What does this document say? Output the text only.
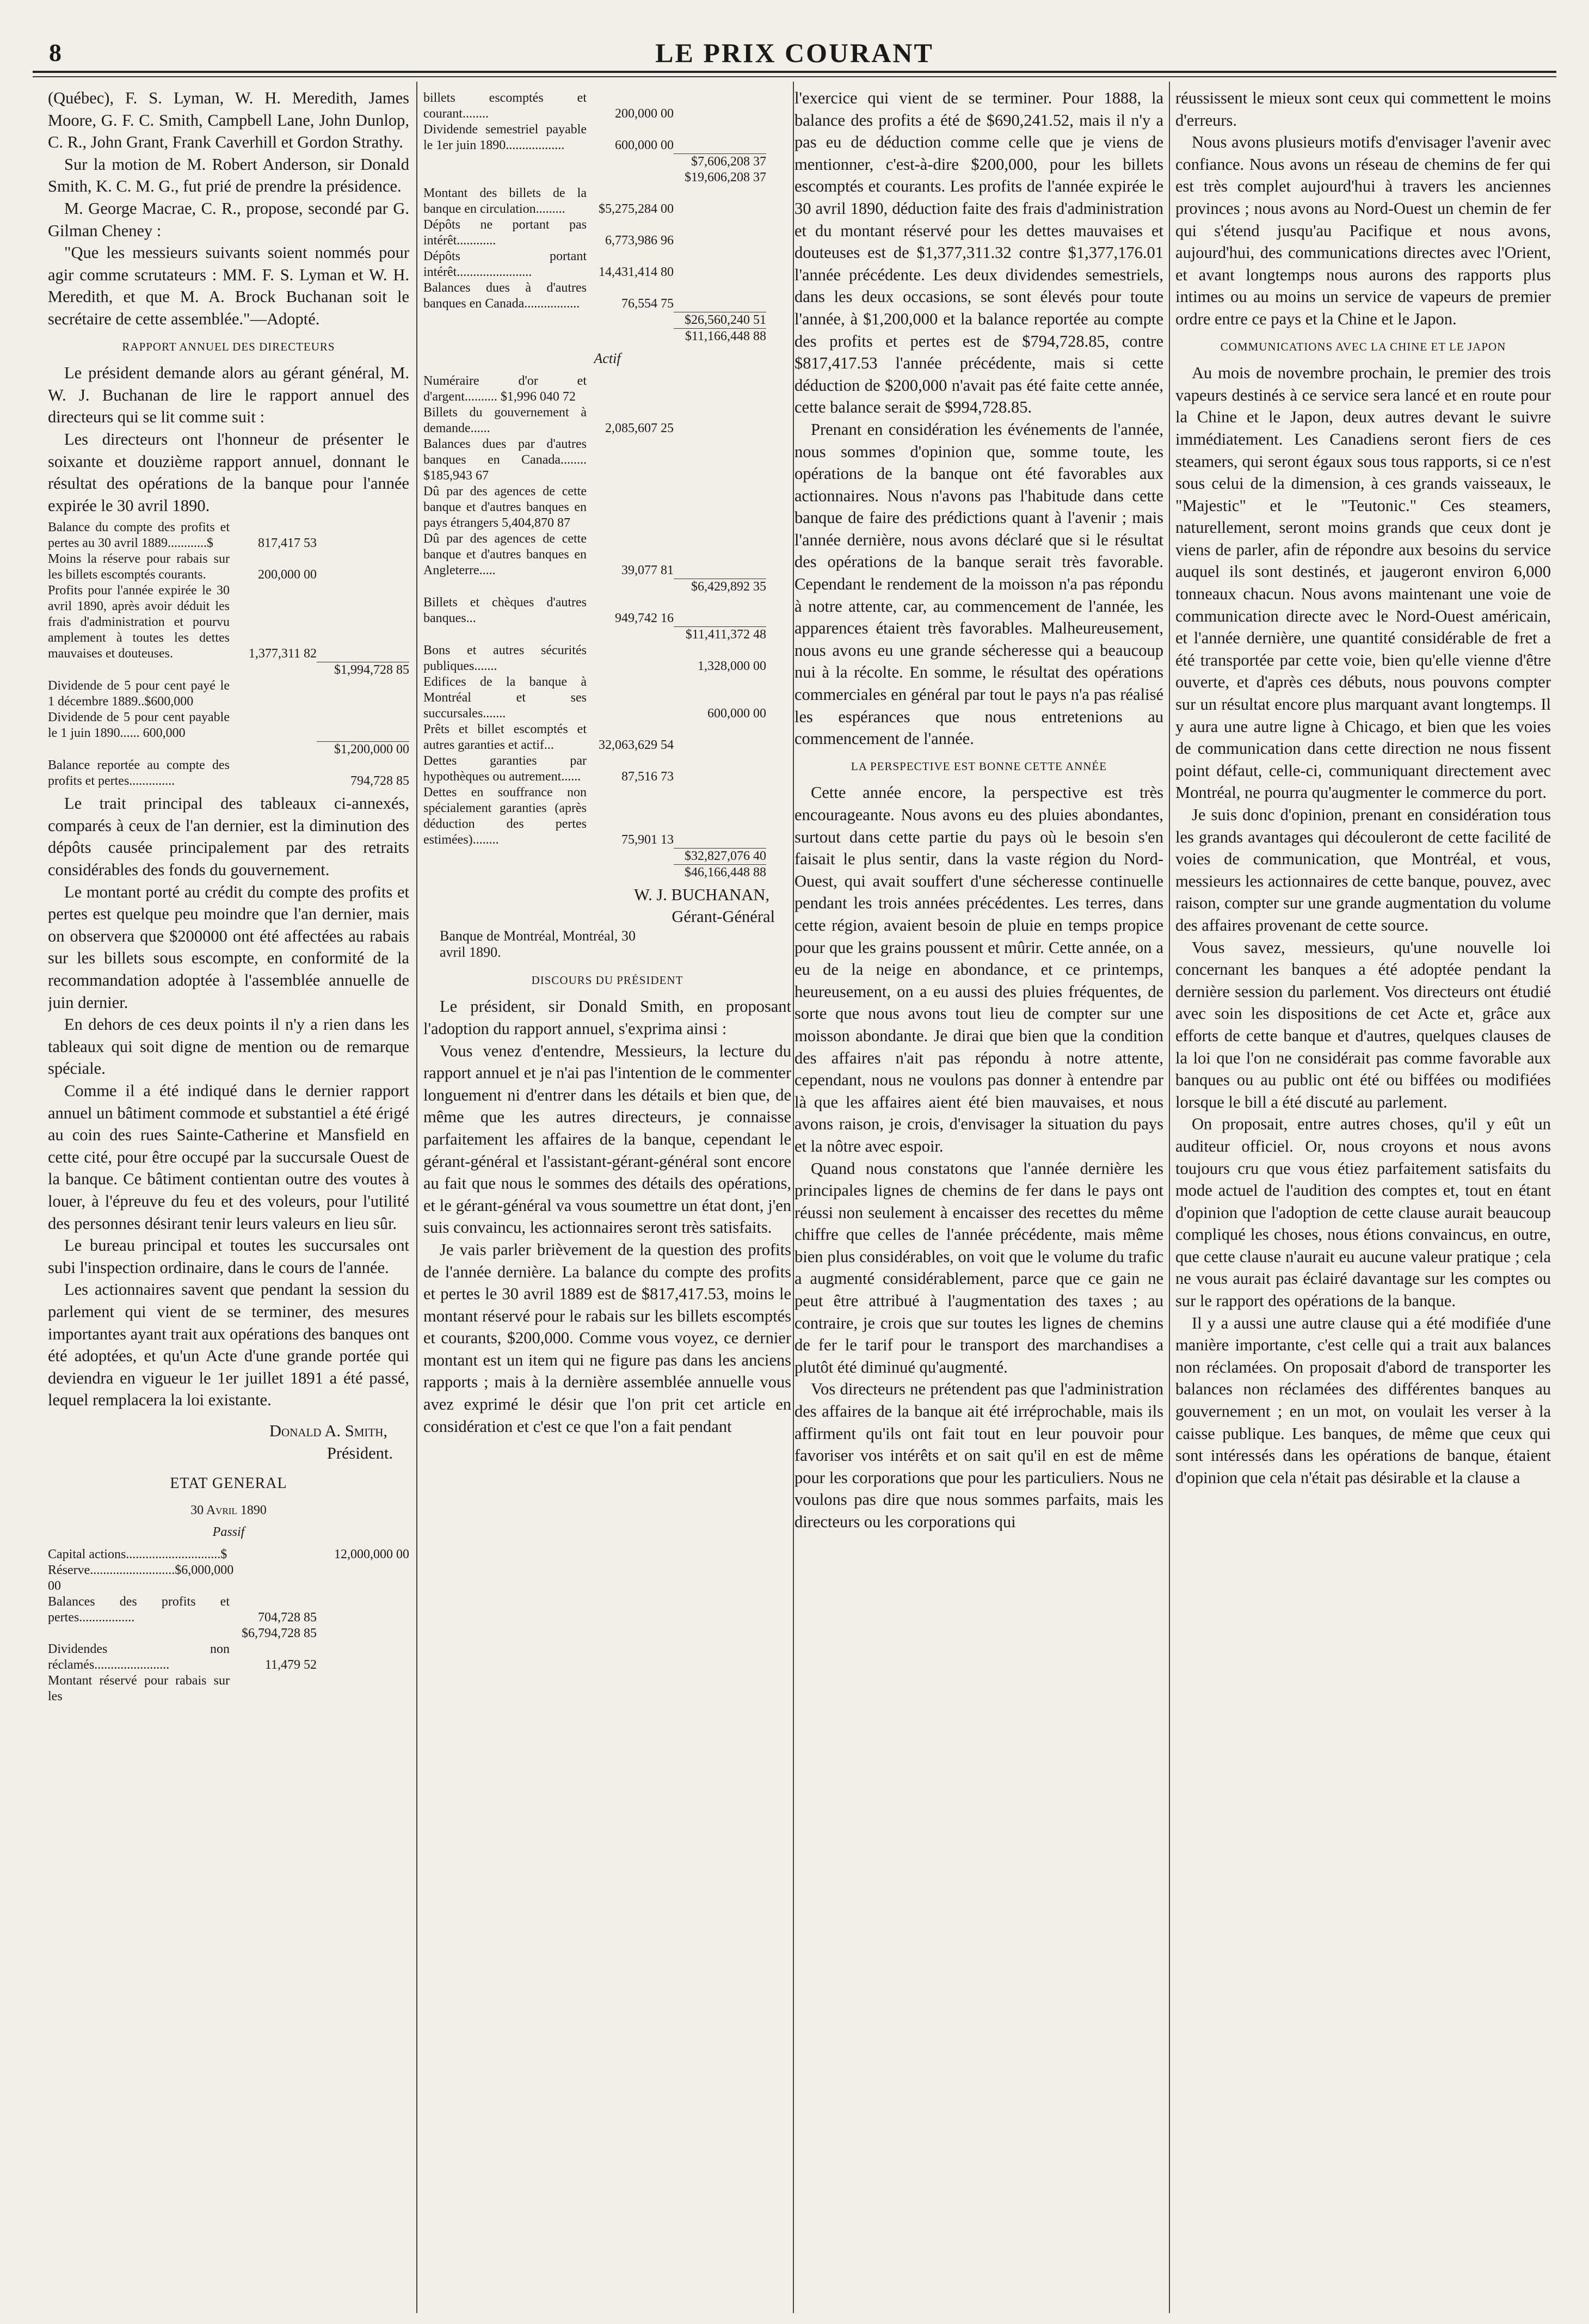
8	LE PRIX COURANT

(Québec), F. S. Lyman, W. H. Meredith, James Moore, G. F. C. Smith, Campbell Lane, John Dunlop, C. R., John Grant, Frank Caverhill et Gordon Strathy.

Sur la motion de M. Robert Anderson, sir Donald Smith, K. C. M. G., fut prié de prendre la présidence.

M. George Macrae, C. R., propose, secondé par G. Gilman Cheney :

"Que les messieurs suivants soient nommés pour agir comme scrutateurs : MM. F. S. Lyman et W. H. Meredith, et que M. A. Brock Buchanan soit le secrétaire de cette assemblée."—Adopté.

RAPPORT ANNUEL DES DIRECTEURS

Le président demande alors au gérant général, M. W. J. Buchanan de lire le rapport annuel des directeurs qui se lit comme suit :

Les directeurs ont l'honneur de présenter le soixante et douzième rapport annuel, donnant le résultat des opérations de la banque pour l'année expirée le 30 avril 1890.

Balance du compte des profits et pertes au 30 avril 1889............$	817,417 53
Moins la réserve pour rabais sur les billets escomptés courants.	200,000 00
Profits pour l'année expirée le 30 avril 1890, après avoir déduit les frais d'administration et pourvu amplement à toutes les dettes mauvaises et douteuses.	1,377,311 82
$1,994,728 85
Dividende de 5 pour cent payé le 1 décembre 1889..$600,000
Dividende de 5 pour cent payable le 1 juin 1890...... 600,000
$1,200,000 00
Balance reportée au compte des profits et pertes..............	794,728 85

Le trait principal des tableaux ci-annexés, comparés à ceux de l'an dernier, est la diminution des dépôts causée principalement par des retraits considérables des fonds du gouvernement.

Le montant porté au crédit du compte des profits et pertes est quelque peu moindre que l'an dernier, mais on observera que $200000 ont été affectées au rabais sur les billets sous escompte, en conformité de la recommandation adoptée à l'assemblée annuelle de juin dernier.

En dehors de ces deux points il n'y a rien dans les tableaux qui soit digne de mention ou de remarque spéciale.

Comme il a été indiqué dans le dernier rapport annuel un bâtiment commode et substantiel a été érigé au coin des rues Sainte-Catherine et Mansfield en cette cité, pour être occupé par la succursale Ouest de la banque. Ce bâtiment contientan outre des voutes à louer, à l'épreuve du feu et des voleurs, pour l'utilité des personnes désirant tenir leurs valeurs en lieu sûr.

Le bureau principal et toutes les succursales ont subi l'inspection ordinaire, dans le cours de l'année.

Les actionnaires savent que pendant la session du parlement qui vient de se terminer, des mesures importantes ayant trait aux opérations des banques ont été adoptées, et qu'un Acte d'une grande portée qui deviendra en vigueur le 1er juillet 1891 a été passé, lequel remplacera la loi existante.

Donald A. Smith,

Président.

ETAT GENERAL

30 Avril 1890

Passif

Capital actions.............................$	12,000,000 00
Réserve..........................$6,000,000 00
Balances des profits et pertes.................	704,728 85
$6,794,728 85
Dividendes non réclamés.......................	11,479 52
Montant réservé pour rabais sur les
billets escomptés et courant........	200,000 00
Dividende semestriel payable le 1er juin 1890..................	600,000 00
$7,606,208 37
$19,606,208 37
Montant des billets de la banque en circulation.........	$5,275,284 00
Dépôts ne portant pas intérêt............	6,773,986 96
Dépôts portant intérêt.......................	14,431,414 80
Balances dues à d'autres banques en Canada.................	76,554 75
$26,560,240 51
$11,166,448 88

Actif

Numéraire d'or et d'argent.......... $1,996 040 72
Billets du gouvernement à demande......	2,085,607 25
Balances dues par d'autres banques en Canada........ $185,943 67
Dû par des agences de cette banque et d'autres banques en pays étrangers 5,404,870 87
Dû par des agences de cette banque et d'autres banques en Angleterre.....	39,077 81
$6,429,892 35
Billets et chèques d'autres banques...	949,742 16
$11,411,372 48
Bons et autres sécurités publiques.......	1,328,000 00
Edifices de la banque à Montréal et ses succursales.......	600,000 00
Prêts et billet escomptés et autres garanties et actif...	32,063,629 54
Dettes garanties par hypothèques ou autrement......	87,516 73
Dettes en souffrance non spécialement garanties (après déduction des pertes estimées)........	75,901 13
$32,827,076 40
$46,166,448 88

W. J. BUCHANAN,

Gérant-Général

Banque de Montréal, Montréal, 30 avril 1890.

DISCOURS DU PRÉSIDENT

Le président, sir Donald Smith, en proposant l'adoption du rapport annuel, s'exprima ainsi :

Vous venez d'entendre, Messieurs, la lecture du rapport annuel et je n'ai pas l'intention de le commenter longuement ni d'entrer dans les détails et bien que, de même que les autres directeurs, je connaisse parfaitement les affaires de la banque, cependant le gérant-général et l'assistant-gérant-général sont encore au fait que nous le sommes des détails des opérations, et le gérant-général va vous soumettre un état dont, j'en suis convaincu, les actionnaires seront très satisfaits.

Je vais parler brièvement de la question des profits de l'année dernière. La balance du compte des profits et pertes le 30 avril 1889 est de $817,417.53, moins le montant réservé pour le rabais sur les billets escomptés et courants, $200,000. Comme vous voyez, ce dernier montant est un item qui ne figure pas dans les anciens rapports ; mais à la dernière assemblée annuelle vous avez exprimé le désir que l'on prit cet article en considération et c'est ce que l'on a fait pendant

l'exercice qui vient de se terminer. Pour 1888, la balance des profits a été de $690,241.52, mais il n'y a pas eu de déduction comme celle que je viens de mentionner, c'est-à-dire $200,000, pour les billets escomptés et courants. Les profits de l'année expirée le 30 avril 1890, déduction faite des frais d'administration et du montant réservé pour les dettes mauvaises et douteuses est de $1,377,311.32 contre $1,377,176.01 l'année précédente. Les deux dividendes semestriels, dans les deux occasions, se sont élevés pour toute l'année, à $1,200,000 et la balance reportée au compte des profits et pertes est de $794,728.85, contre $817,417.53 l'année précédente, mais si cette déduction de $200,000 n'avait pas été faite cette année, cette balance serait de $994,728.85.

Prenant en considération les événements de l'année, nous sommes d'opinion que, somme toute, les opérations de la banque ont été favorables aux actionnaires. Nous n'avons pas l'habitude dans cette banque de faire des prédictions quant à l'avenir ; mais l'année dernière, nous avons déclaré que si le résultat des opérations de la banque serait très favorable. Cependant le rendement de la moisson n'a pas répondu à notre attente, car, au commencement de l'année, les apparences étaient très favorables. Malheureusement, nous avons eu une grande sécheresse qui a beaucoup nui à la récolte. En somme, le résultat des opérations commerciales en général par tout le pays n'a pas réalisé les espérances que nous entretenions au commencement de l'année.

LA PERSPECTIVE EST BONNE CETTE ANNÉE

Cette année encore, la perspective est très encourageante. Nous avons eu des pluies abondantes, surtout dans cette partie du pays où le besoin s'en faisait le plus sentir, dans la vaste région du Nord-Ouest, qui avait souffert d'une sécheresse continuelle pendant les trois années précédentes. Les terres, dans cette région, avaient besoin de pluie en temps propice pour que les grains poussent et mûrir. Cette année, on a eu de la neige en abondance, et ce printemps, heureusement, on a eu aussi des pluies fréquentes, de sorte que nous avons tout lieu de compter sur une moisson abondante. Je dirai que bien que la condition des affaires n'ait pas répondu à notre attente, cependant, nous ne voulons pas donner à entendre par là que les affaires aient été bien mauvaises, et nous avons raison, je crois, d'envisager la situation du pays et la nôtre avec espoir.

Quand nous constatons que l'année dernière les principales lignes de chemins de fer dans le pays ont réussi non seulement à encaisser des recettes du même chiffre que celles de l'année précédente, mais même bien plus considérables, on voit que le volume du trafic a augmenté considérablement, parce que ce gain ne peut être attribué à l'augmentation des taxes ; au contraire, je crois que sur toutes les lignes de chemins de fer le tarif pour le transport des marchandises a plutôt été diminué qu'augmenté.

Vos directeurs ne prétendent pas que l'administration des affaires de la banque ait été irréprochable, mais ils affirment qu'ils ont fait tout en leur pouvoir pour favoriser vos intérêts et on sait qu'il en est de même pour les corporations que pour les particuliers. Nous ne voulons pas dire que nous sommes parfaits, mais les directeurs ou les corporations qui

réussissent le mieux sont ceux qui commettent le moins d'erreurs.

Nous avons plusieurs motifs d'envisager l'avenir avec confiance. Nous avons un réseau de chemins de fer qui est très complet aujourd'hui à travers les anciennes provinces ; nous avons au Nord-Ouest un chemin de fer qui s'étend jusqu'au Pacifique et nous avons, aujourd'hui, des communications directes avec l'Orient, et avant longtemps nous aurons des rapports plus intimes ou au moins un service de vapeurs de premier ordre entre ce pays et la Chine et le Japon.

COMMUNICATIONS AVEC LA CHINE ET LE JAPON

Au mois de novembre prochain, le premier des trois vapeurs destinés à ce service sera lancé et en route pour la Chine et le Japon, deux autres devant le suivre immédiatement. Les Canadiens seront fiers de ces steamers, qui seront égaux sous tous rapports, si ce n'est sous celui de la dimension, à ces grands vaisseaux, le "Majestic" et le "Teutonic." Ces steamers, naturellement, seront moins grands que ceux dont je viens de parler, afin de répondre aux besoins du service auquel ils sont destinés, et jaugeront environ 6,000 tonneaux chacun. Nous avons maintenant une voie de communication directe avec le Nord-Ouest américain, et l'année dernière, une quantité considérable de fret a été transportée par cette voie, bien qu'elle vienne d'être ouverte, et d'après ces débuts, nous pouvons compter sur un résultat encore plus marquant avant longtemps. Il y aura une autre ligne à Chicago, et bien que les voies de communication dans cette direction ne nous fissent point défaut, celle-ci, communiquant directement avec Montréal, ne pourra qu'augmenter le commerce du port.

Je suis donc d'opinion, prenant en considération tous les grands avantages qui découleront de cette facilité de voies de communication, que Montréal, et vous, messieurs les actionnaires de cette banque, pouvez, avec raison, compter sur une grande augmentation du volume des affaires provenant de cette source.

Vous savez, messieurs, qu'une nouvelle loi concernant les banques a été adoptée pendant la dernière session du parlement. Vos directeurs ont étudié avec soin les dispositions de cet Acte et, grâce aux efforts de cette banque et d'autres, quelques clauses de la loi que l'on ne considérait pas comme favorable aux banques ou au public ont été ou biffées ou modifiées lorsque le bill a été discuté au parlement.

On proposait, entre autres choses, qu'il y eût un auditeur officiel. Or, nous croyons et nous avons toujours cru que vous étiez parfaitement satisfaits du mode actuel de l'audition des comptes et, tout en étant d'opinion que l'adoption de cette clause aurait beaucoup compliqué les choses, nous étions convaincus, en outre, que cette clause n'aurait eu aucune valeur pratique ; cela ne vous aurait pas éclairé davantage sur les comptes ou sur le rapport des opérations de la banque.

Il y a aussi une autre clause qui a été modifiée d'une manière importante, c'est celle qui a trait aux balances non réclamées. On proposait d'abord de transporter les balances non réclamées des différentes banques au gouvernement ; en un mot, on voulait les verser à la caisse publique. Les banques, de même que ceux qui sont intéressés dans les opérations de banque, étaient d'opinion que cela n'était pas désirable et la clause a
